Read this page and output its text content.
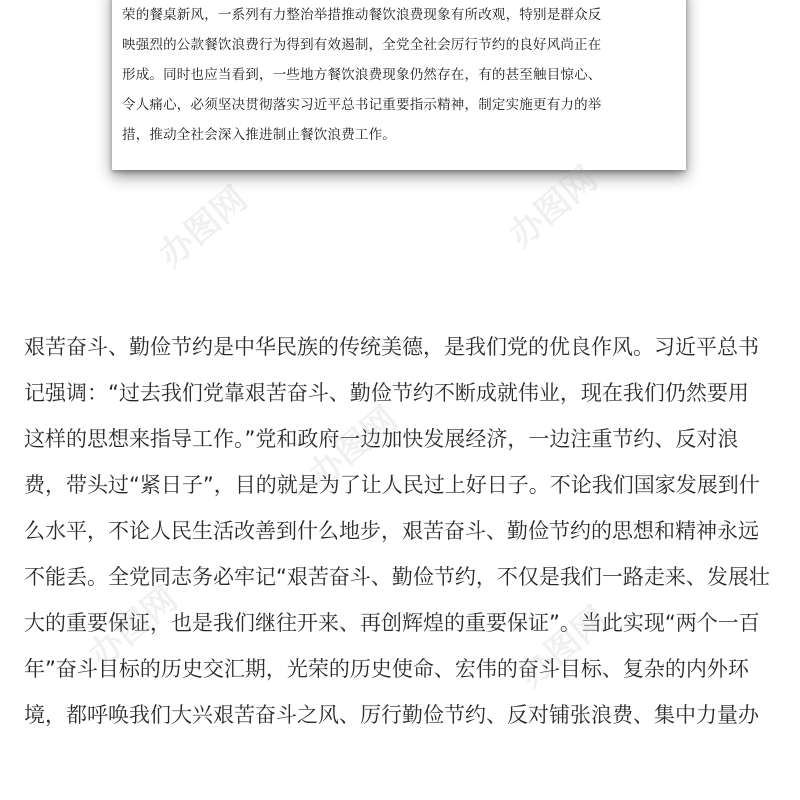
荣的餐桌新风，一系列有力整治举措推动餐饮浪费现象有所改观，特别是群众反
映强烈的公款餐饮浪费行为得到有效遏制，全党全社会厉行节约的良好风尚正在
形成。同时也应当看到，一些地方餐饮浪费现象仍然存在，有的甚至触目惊心、
令人痛心，必须坚决贯彻落实习近平总书记重要指示精神，制定实施更有力的举
措，推动全社会深入推进制止餐饮浪费工作。

艰苦奋斗、勤俭节约是中华民族的传统美德，是我们党的优良作风。习近平总书
记强调：“过去我们党靠艰苦奋斗、勤俭节约不断成就伟业，现在我们仍然要用
这样的思想来指导工作。”党和政府一边加快发展经济，一边注重节约、反对浪
费，带头过“紧日子”，目的就是为了让人民过上好日子。不论我们国家发展到什
么水平，不论人民生活改善到什么地步，艰苦奋斗、勤俭节约的思想和精神永远
不能丢。全党同志务必牢记“艰苦奋斗、勤俭节约，不仅是我们一路走来、发展壮
大的重要保证，也是我们继往开来、再创辉煌的重要保证”。当此实现“两个一百
年”奋斗目标的历史交汇期，光荣的历史使命、宏伟的奋斗目标、复杂的内外环
境，都呼唤我们大兴艰苦奋斗之风、厉行勤俭节约、反对铺张浪费、集中力量办

办图网	办图网
办图网
办图网	办图网
